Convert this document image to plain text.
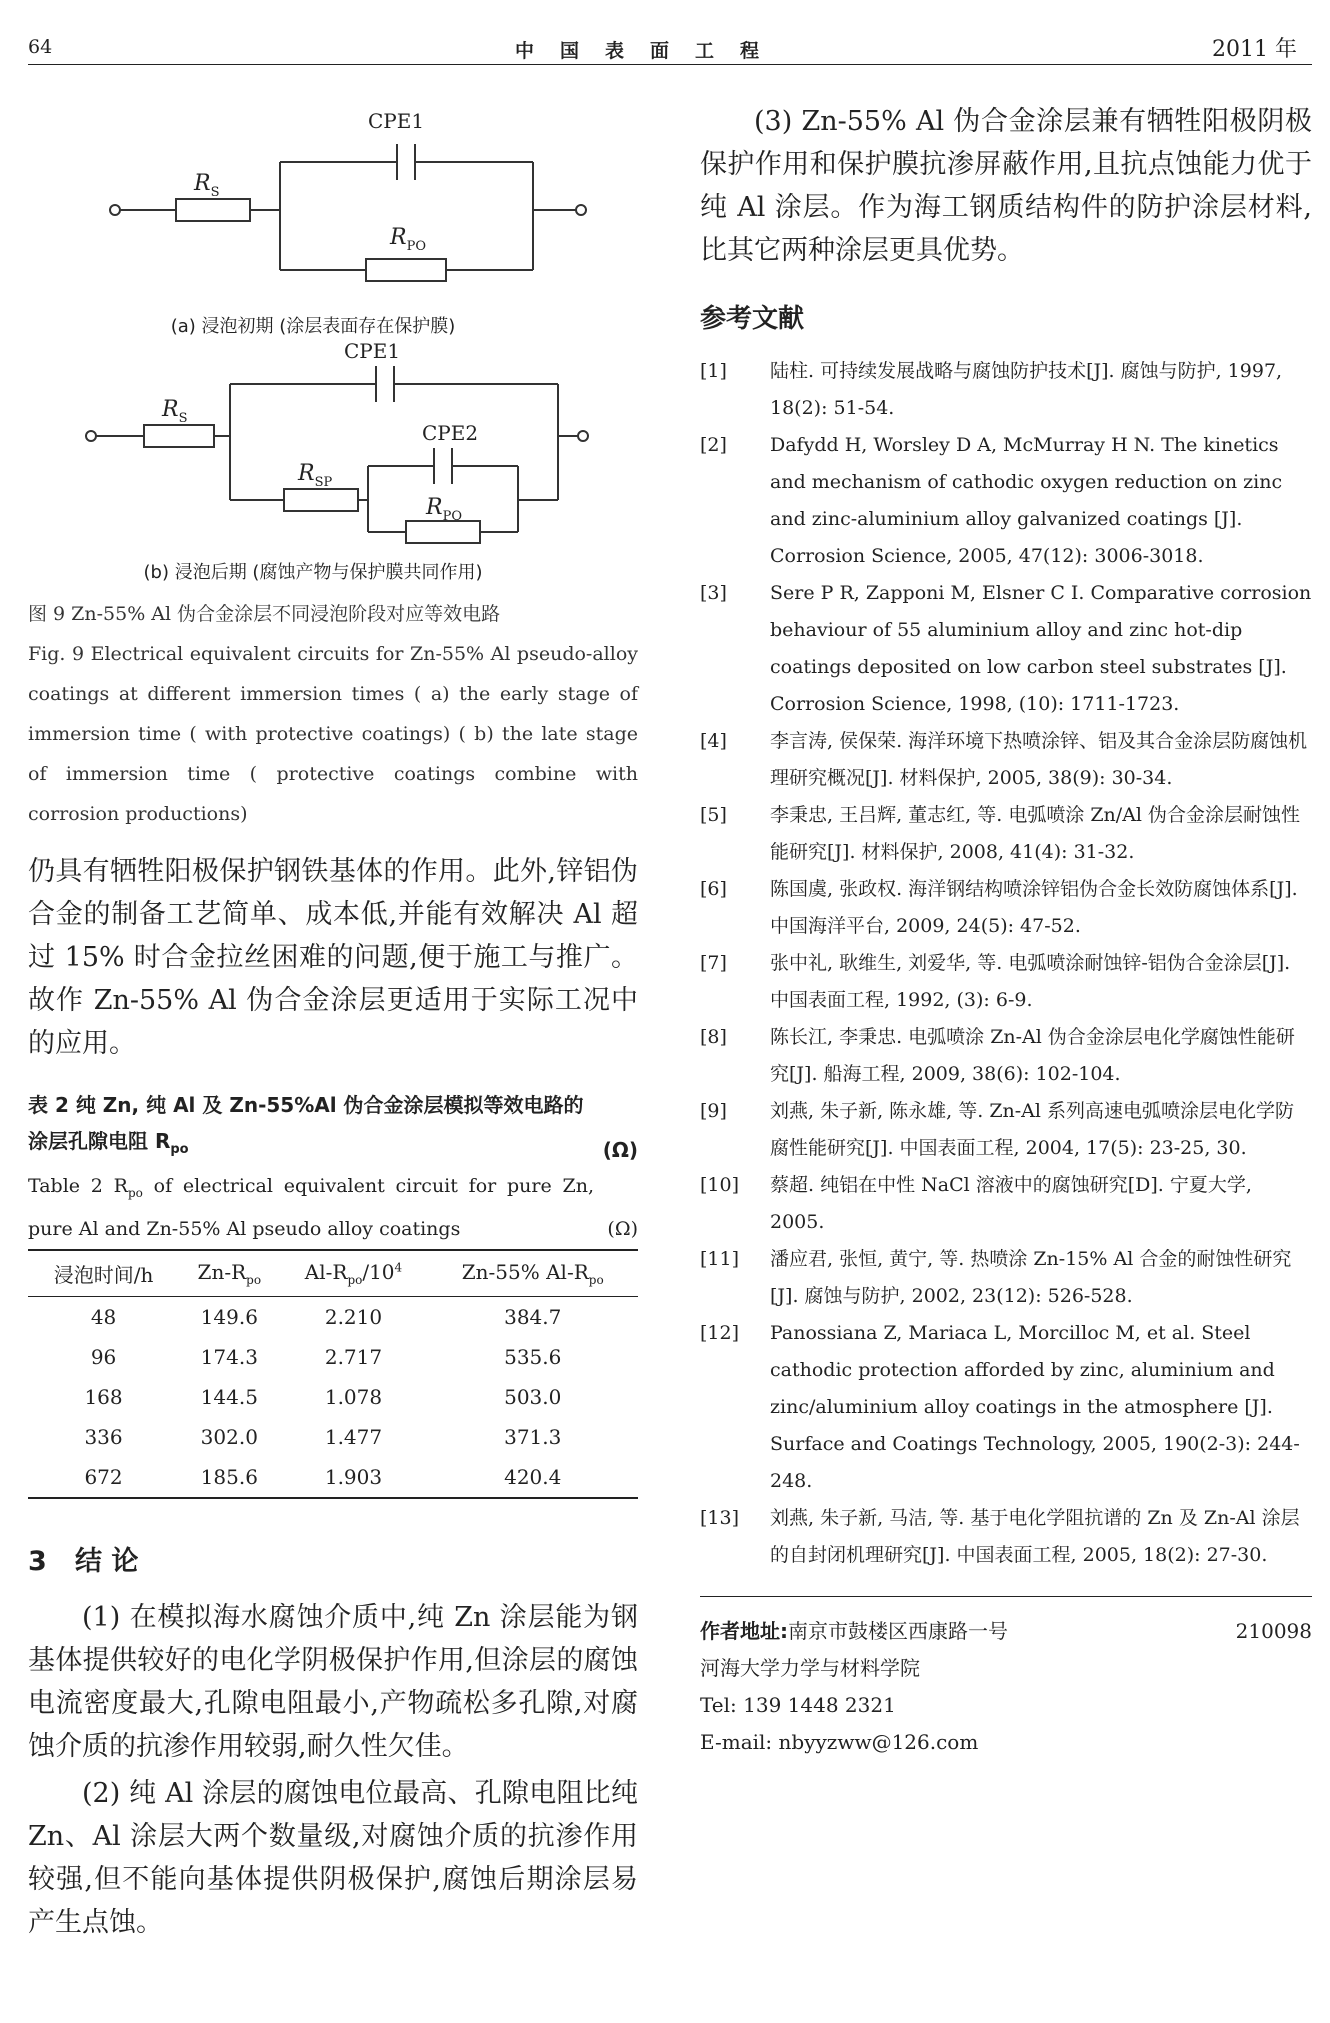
64	中国表面工程	2011 年
CPE1
$R_S$
$R_{PO}$
(a) 浸泡初期 (涂层表面存在保护膜)
CPE1
CPE2
$R_S$
$R_{SP}$
$R_{PO}$
(b) 浸泡后期 (腐蚀产物与保护膜共同作用)
图 9 Zn-55% Al 伪合金涂层不同浸泡阶段对应等效电路
Fig. 9 Electrical equivalent circuits for Zn-55% Al pseudo-alloy coatings at different immersion times ( a) the early stage of immersion time ( with protective coatings) ( b) the late stage of immersion time ( protective coatings combine with corrosion productions)

仍具有牺牲阳极保护钢铁基体的作用。此外,锌铝伪合金的制备工艺简单、成本低,并能有效解决 Al 超过 15% 时合金拉丝困难的问题,便于施工与推广。故作 Zn-55% Al 伪合金涂层更适用于实际工况中的应用。

表 2 纯 Zn, 纯 Al 及 Zn-55%Al 伪合金涂层模拟等效电路的涂层孔隙电阻 $R_{po}$	(Ω)
Table 2 $R_{po}$ of electrical equivalent circuit for pure Zn, pure Al and Zn-55% Al pseudo alloy coatings	(Ω)
浸泡时间/h	$Zn-R_{po}$	$Al-R_{po}/10^4$	Zn-55% $Al-R_{po}$
48	149.6	2.210	384.7
96	174.3	2.717	535.6
168	144.5	1.078	503.0
336	302.0	1.477	371.3
672	185.6	1.903	420.4
3 结 论

(1) 在模拟海水腐蚀介质中,纯 Zn 涂层能为钢基体提供较好的电化学阴极保护作用,但涂层的腐蚀电流密度最大,孔隙电阻最小,产物疏松多孔隙,对腐蚀介质的抗渗作用较弱,耐久性欠佳。

(2) 纯 Al 涂层的腐蚀电位最高、孔隙电阻比纯 Zn、Al 涂层大两个数量级,对腐蚀介质的抗渗作用较强,但不能向基体提供阴极保护,腐蚀后期涂层易产生点蚀。

(3) Zn-55% Al 伪合金涂层兼有牺牲阳极阴极保护作用和保护膜抗渗屏蔽作用,且抗点蚀能力优于纯 Al 涂层。作为海工钢质结构件的防护涂层材料,比其它两种涂层更具优势。

参考文献
[1]	陆柱. 可持续发展战略与腐蚀防护技术[J]. 腐蚀与防护, 1997, 18(2): 51-54.
[2]	Dafydd H, Worsley D A, McMurray H N. The kinetics and mechanism of cathodic oxygen reduction on zinc and zinc-aluminium alloy galvanized coatings [J]. Corrosion Science, 2005, 47(12): 3006-3018.
[3]	Sere P R, Zapponi M, Elsner C I. Comparative corrosion behaviour of 55 aluminium alloy and zinc hot-dip coatings deposited on low carbon steel substrates [J]. Corrosion Science, 1998, (10): 1711-1723.
[4]	李言涛, 侯保荣. 海洋环境下热喷涂锌、铝及其合金涂层防腐蚀机理研究概况[J]. 材料保护, 2005, 38(9): 30-34.
[5]	李秉忠, 王吕辉, 董志红, 等. 电弧喷涂 Zn/Al 伪合金涂层耐蚀性能研究[J]. 材料保护, 2008, 41(4): 31-32.
[6]	陈国虞, 张政权. 海洋钢结构喷涂锌铝伪合金长效防腐蚀体系[J]. 中国海洋平台, 2009, 24(5): 47-52.
[7]	张中礼, 耿维生, 刘爱华, 等. 电弧喷涂耐蚀锌-铝伪合金涂层[J]. 中国表面工程, 1992, (3): 6-9.
[8]	陈长江, 李秉忠. 电弧喷涂 Zn-Al 伪合金涂层电化学腐蚀性能研究[J]. 船海工程, 2009, 38(6): 102-104.
[9]	刘燕, 朱子新, 陈永雄, 等. Zn-Al 系列高速电弧喷涂层电化学防腐性能研究[J]. 中国表面工程, 2004, 17(5): 23-25, 30.
[10]	蔡超. 纯铝在中性 NaCl 溶液中的腐蚀研究[D]. 宁夏大学, 2005.
[11]	潘应君, 张恒, 黄宁, 等. 热喷涂 Zn-15% Al 合金的耐蚀性研究[J]. 腐蚀与防护, 2002, 23(12): 526-528.
[12]	Panossiana Z, Mariaca L, Morcilloc M, et al. Steel cathodic protection afforded by zinc, aluminium and zinc/aluminium alloy coatings in the atmosphere [J]. Surface and Coatings Technology, 2005, 190(2-3): 244-248.
[13]	刘燕, 朱子新, 马洁, 等. 基于电化学阻抗谱的 Zn 及 Zn-Al 涂层的自封闭机理研究[J]. 中国表面工程, 2005, 18(2): 27-30.
作者地址:南京市鼓楼区西康路一号	210098
河海大学力学与材料学院
Tel: 139 1448 2321
E-mail: nbyyzww@126.com
